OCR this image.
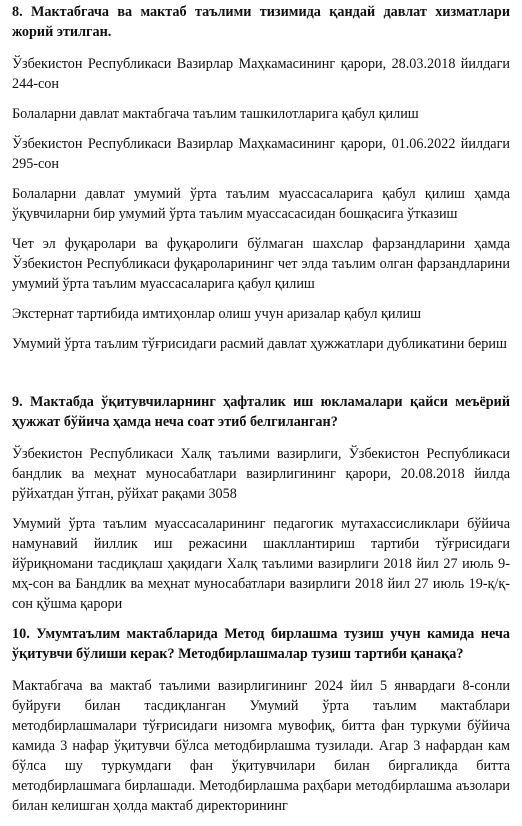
8. Мактабгача ва мактаб таълими тизимида қандай давлат хизматлари жорий этилган.

Ўзбекистон Республикаси Вазирлар Маҳкамасининг қарори, 28.03.2018 йилдаги 244-сон

Болаларни давлат мактабгача таълим ташкилотларига қабул қилиш

Ўзбекистон Республикаси Вазирлар Маҳкамасининг қарори, 01.06.2022 йилдаги 295-сон

Болаларни давлат умумий ўрта таълим муассасаларига қабул қилиш ҳамда ўқувчиларни бир умумий ўрта таълим муассасасидан бошқасига ўтказиш

Чет эл фуқаролари ва фуқаролиги бўлмаган шахслар фарзандларини ҳамда Ўзбекистон Республикаси фуқароларининг чет элда таълим олган фарзандларини умумий ўрта таълим муассасаларига қабул қилиш

Экстернат тартибида имтиҳонлар олиш учун аризалар қабул қилиш

Умумий ўрта таълим тўғрисидаги расмий давлат ҳужжатлари дубликатини бериш

9. Мактабда ўқитувчиларнинг ҳафталик иш юкламалари қайси меъёрий ҳужжат бўйича ҳамда неча соат этиб белгиланган?

Ўзбекистон Республикаси Халқ таълими вазирлиги, Ўзбекистон Республикаси бандлик ва меҳнат муносабатлари вазирлигининг қарори, 20.08.2018 йилда рўйхатдан ўтган, рўйхат рақами 3058

Умумий ўрта таълим муассасаларининг педагогик мутахассисликлари бўйича намунавий йиллик иш режасини шакллантириш тартиби тўғрисидаги йўриқномани тасдиқлаш ҳақидаги Халқ таълими вазирлиги 2018 йил 27 июль 9-мҳ-сон ва Бандлик ва меҳнат муносабатлари вазирлиги 2018 йил 27 июль 19-қ/қ-сон қўшма қарори

10. Умумтаълим мактабларида Метод бирлашма тузиш учун камида неча ўқитувчи бўлиши керак? Методбирлашмалар тузиш тартиби қанақа?

Мактабгача ва мактаб таълими вазирлигининг 2024 йил 5 январдаги 8-сонли буйруғи билан тасдиқланган Умумий ўрта таълим мактаблари методбирлашмалари тўғрисидаги низомга мувофиқ, битта фан туркуми бўйича камида 3 нафар ўқитувчи бўлса методбирлашма тузилади. Агар 3 нафардан кам бўлса шу туркумдаги фан ўқитувчилари билан биргаликда битта методбирлашмага бирлашади. Методбирлашма раҳбари методбирлашма аъзолари билан келишган ҳолда мактаб директорининг
